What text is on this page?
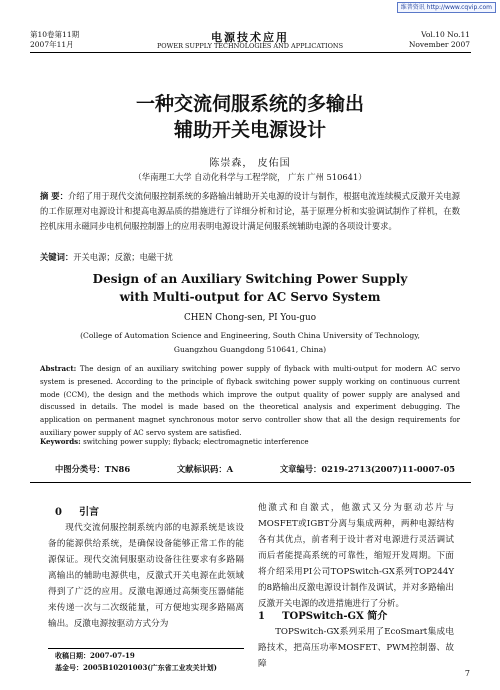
维普资讯 http://www.cqvip.com
第10卷第11期
2007年11月
电源技术应用
POWER SUPPLY TECHNOLOGIES AND APPLICATIONS
Vol.10 No.11
November 2007
一种交流伺服系统的多输出
辅助开关电源设计
陈崇森， 皮佑国
（华南理工大学 自动化科学与工程学院， 广东 广州 510641）
摘 要：介绍了用于现代交流伺服控制系统的多路输出辅助开关电源的设计与制作，根据电流连续模式反激开关电源的工作原理对电源设计和提高电源品质的措施进行了详细分析和讨论，基于原理分析和实验调试制作了样机，在数控机床用永磁同步电机伺服控制器上的应用表明电源设计满足伺服系统辅助电源的各项设计要求。
关键词：开关电源；反激；电磁干扰
Design of an Auxiliary Switching Power Supply
with Multi-output for AC Servo System
CHEN Chong-sen, PI You-guo
(College of Automation Science and Engineering, South China University of Technology,
Guangzhou Guangdong 510641, China)
Abstract: The design of an auxiliary switching power supply of flyback with multi-output for modern AC servo system is presened. According to the principle of flyback switching power supply working on continuous current mode (CCM), the design and the methods which improve the output quality of power supply are analysed and discussed in details. The model is made based on the theoretical analysis and experiment debugging. The application on permanent magnet synchronous motor servo controller show that all the design requirements for auxiliary power supply of AC servo system are satisfied.
Keywords: switching power supply; flyback; electromagnetic interference
中图分类号：TN86	文献标识码：A	文章编号：0219-2713(2007)11-0007-05
0 引言
现代交流伺服控制系统内部的电源系统是该设备的能源供给系统，是确保设备能够正常工作的能源保证。现代交流伺服驱动设备往往要求有多路隔离输出的辅助电源供电，反激式开关电源在此领域得到了广泛的应用。反激电源通过高频变压器储能来传递一次与二次级能量，可方便地实现多路隔离输出。反激电源按驱动方式分为
收稿日期：2007-07-19
基金号：2005B10201003(广东省工业攻关计划)
他激式和自激式，他激式又分为驱动芯片与MOSFET或IGBT分离与集成两种，两种电源结构各有其优点，前者利于设计者对电源进行灵活调试而后者能提高系统的可靠性，缩短开发周期。下面将介绍采用PI公司TOPSwitch-GX系列TOP244Y的8路输出反激电源设计制作及调试，并对多路输出反激开关电源的改进措施进行了分析。
1 TOPSwitch-GX 简介
TOPSwitch-GX系列采用了EcoSmart集成电路技术，把高压功率MOSFET、PWM控制器、故障
7
